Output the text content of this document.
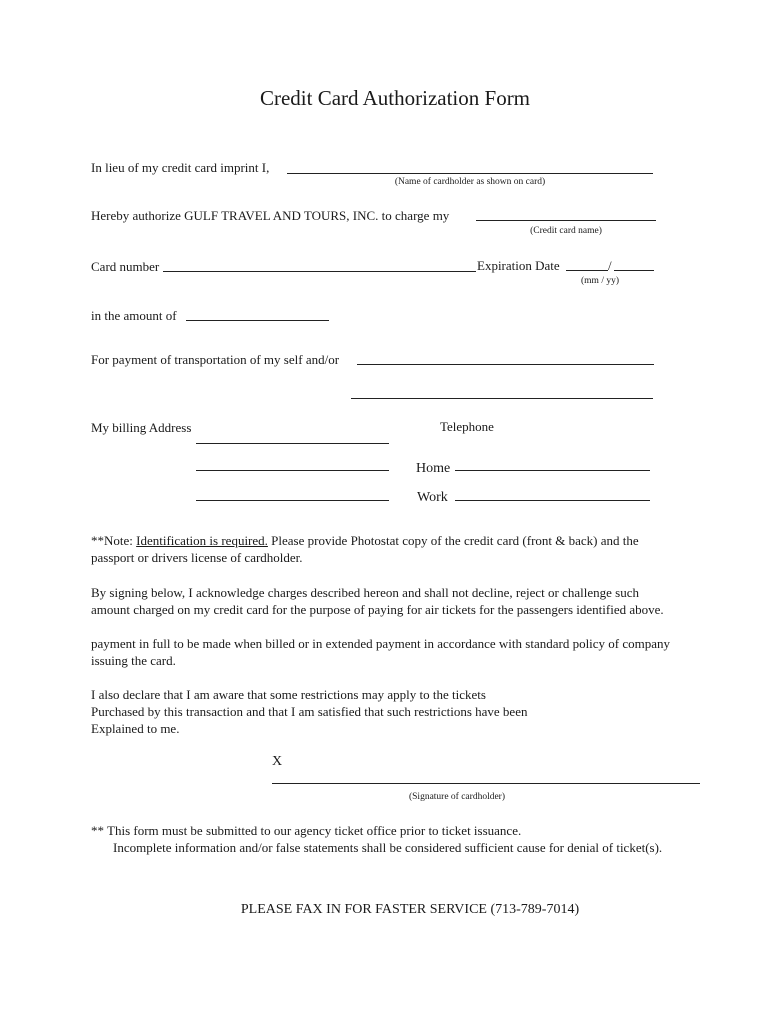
Credit Card Authorization Form
In lieu of my credit card imprint I,
(Name of cardholder as shown on card)
Hereby authorize GULF TRAVEL AND TOURS, INC. to charge my
(Credit card name)
Card number	Expiration Date	/
(mm / yy)
in the amount of
For payment of transportation of my self and/or
My billing Address	Telephone
Home
Work
**Note: Identification is required. Please provide Photostat copy of the credit card (front & back) and the
passport or drivers license of cardholder.
By signing below, I acknowledge charges described hereon and shall not decline, reject or challenge such
amount charged on my credit card for the purpose of paying for air tickets for the passengers identified above.
payment in full to be made when billed or in extended payment in accordance with standard policy of company
issuing the card.
I also declare that I am aware that some restrictions may apply to the tickets
Purchased by this transaction and that I am satisfied that such restrictions have been
Explained to me.
X
(Signature of cardholder)
** This form must be submitted to our agency ticket office prior to ticket issuance.
Incomplete information and/or false statements shall be considered sufficient cause for denial of ticket(s).
PLEASE FAX IN FOR FASTER SERVICE (713-789-7014)
